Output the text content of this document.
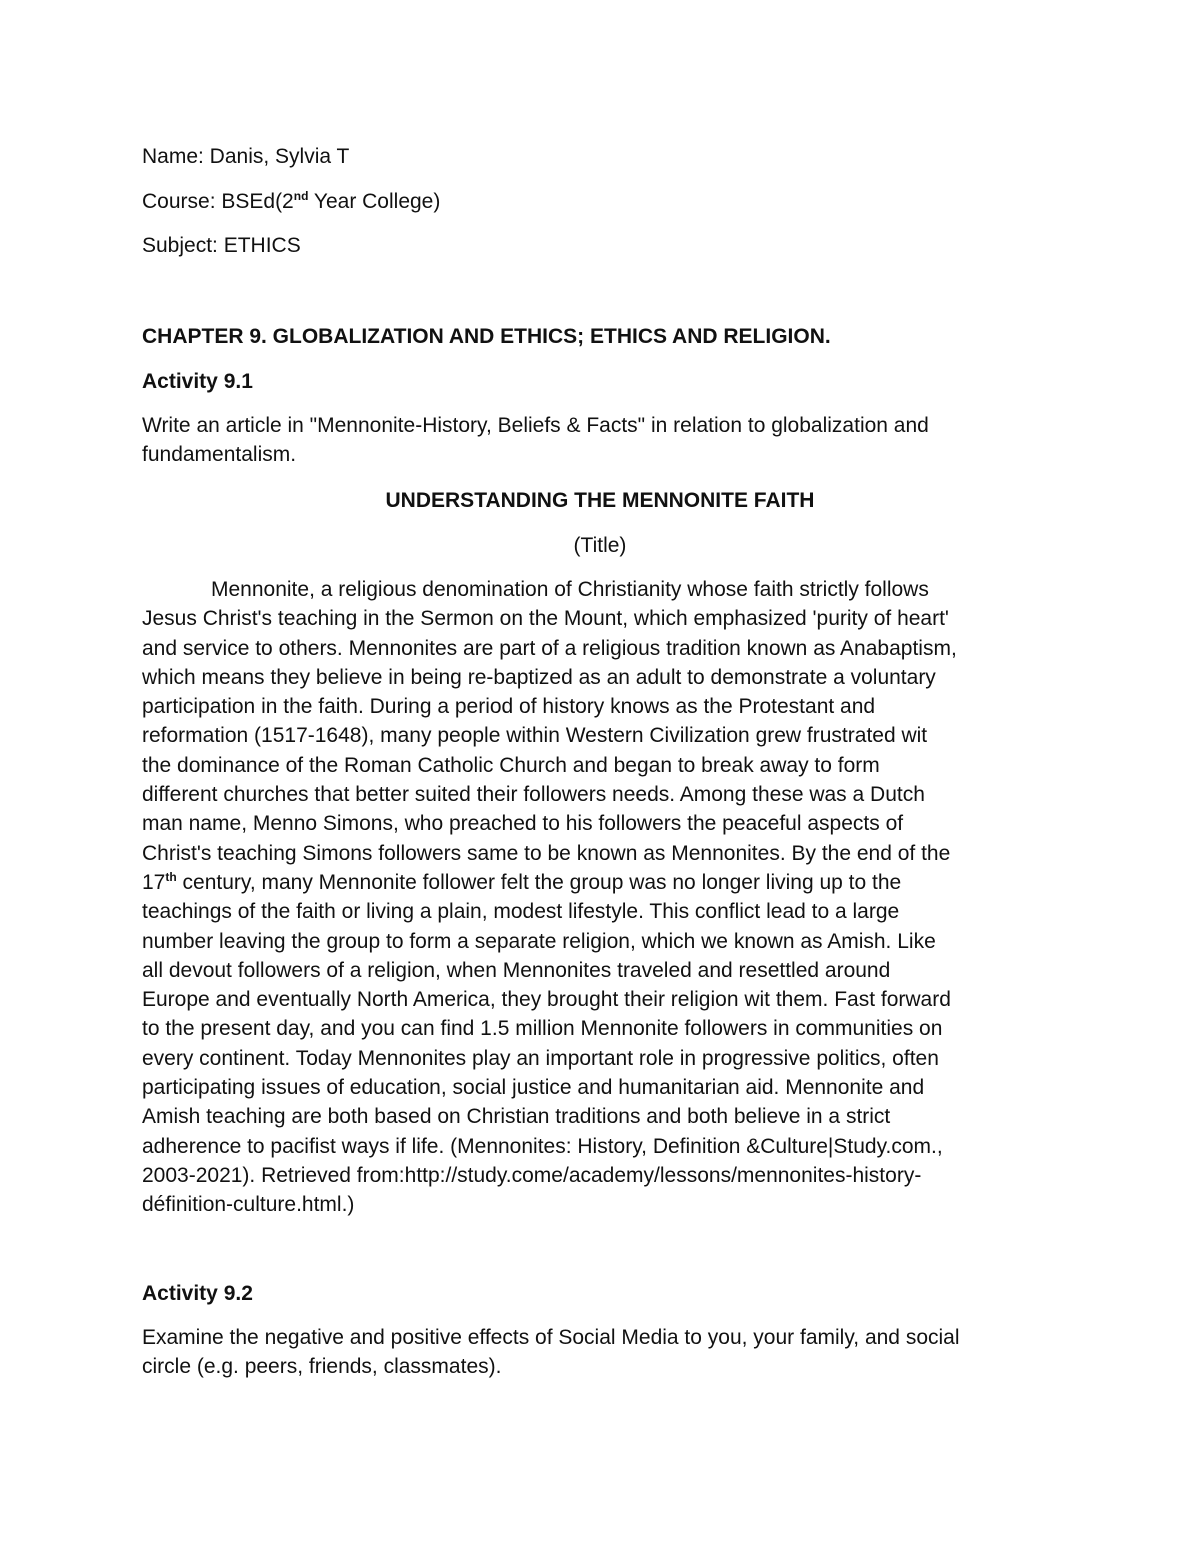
Name: Danis, Sylvia T

Course: BSEd(2nd Year College)

Subject: ETHICS

CHAPTER 9. GLOBALIZATION AND ETHICS; ETHICS AND RELIGION.

Activity 9.1

Write an article in "Mennonite-History, Beliefs & Facts" in relation to globalization and

fundamentalism.

UNDERSTANDING THE MENNONITE FAITH

(Title)

Mennonite, a religious denomination of Christianity whose faith strictly follows
Jesus Christ's teaching in the Sermon on the Mount, which emphasized 'purity of heart'
and service to others. Mennonites are part of a religious tradition known as Anabaptism,
which means they believe in being re-baptized as an adult to demonstrate a voluntary
participation in the faith. During a period of history knows as the Protestant and
reformation (1517-1648), many people within Western Civilization grew frustrated wit
the dominance of the Roman Catholic Church and began to break away to form
different churches that better suited their followers needs. Among these was a Dutch
man name, Menno Simons, who preached to his followers the peaceful aspects of
Christ's teaching Simons followers same to be known as Mennonites. By the end of the
17th century, many Mennonite follower felt the group was no longer living up to the
teachings of the faith or living a plain, modest lifestyle. This conflict lead to a large
number leaving the group to form a separate religion, which we known as Amish. Like
all devout followers of a religion, when Mennonites traveled and resettled around
Europe and eventually North America, they brought their religion wit them. Fast forward
to the present day, and you can find 1.5 million Mennonite followers in communities on
every continent. Today Mennonites play an important role in progressive politics, often
participating issues of education, social justice and humanitarian aid. Mennonite and
Amish teaching are both based on Christian traditions and both believe in a strict
adherence to pacifist ways if life. (Mennonites: History, Definition &Culture|Study.com.,
2003-2021). Retrieved from:http://study.come/academy/lessons/mennonites-history-
définition-culture.html.)

Activity 9.2

Examine the negative and positive effects of Social Media to you, your family, and social

circle (e.g. peers, friends, classmates).
